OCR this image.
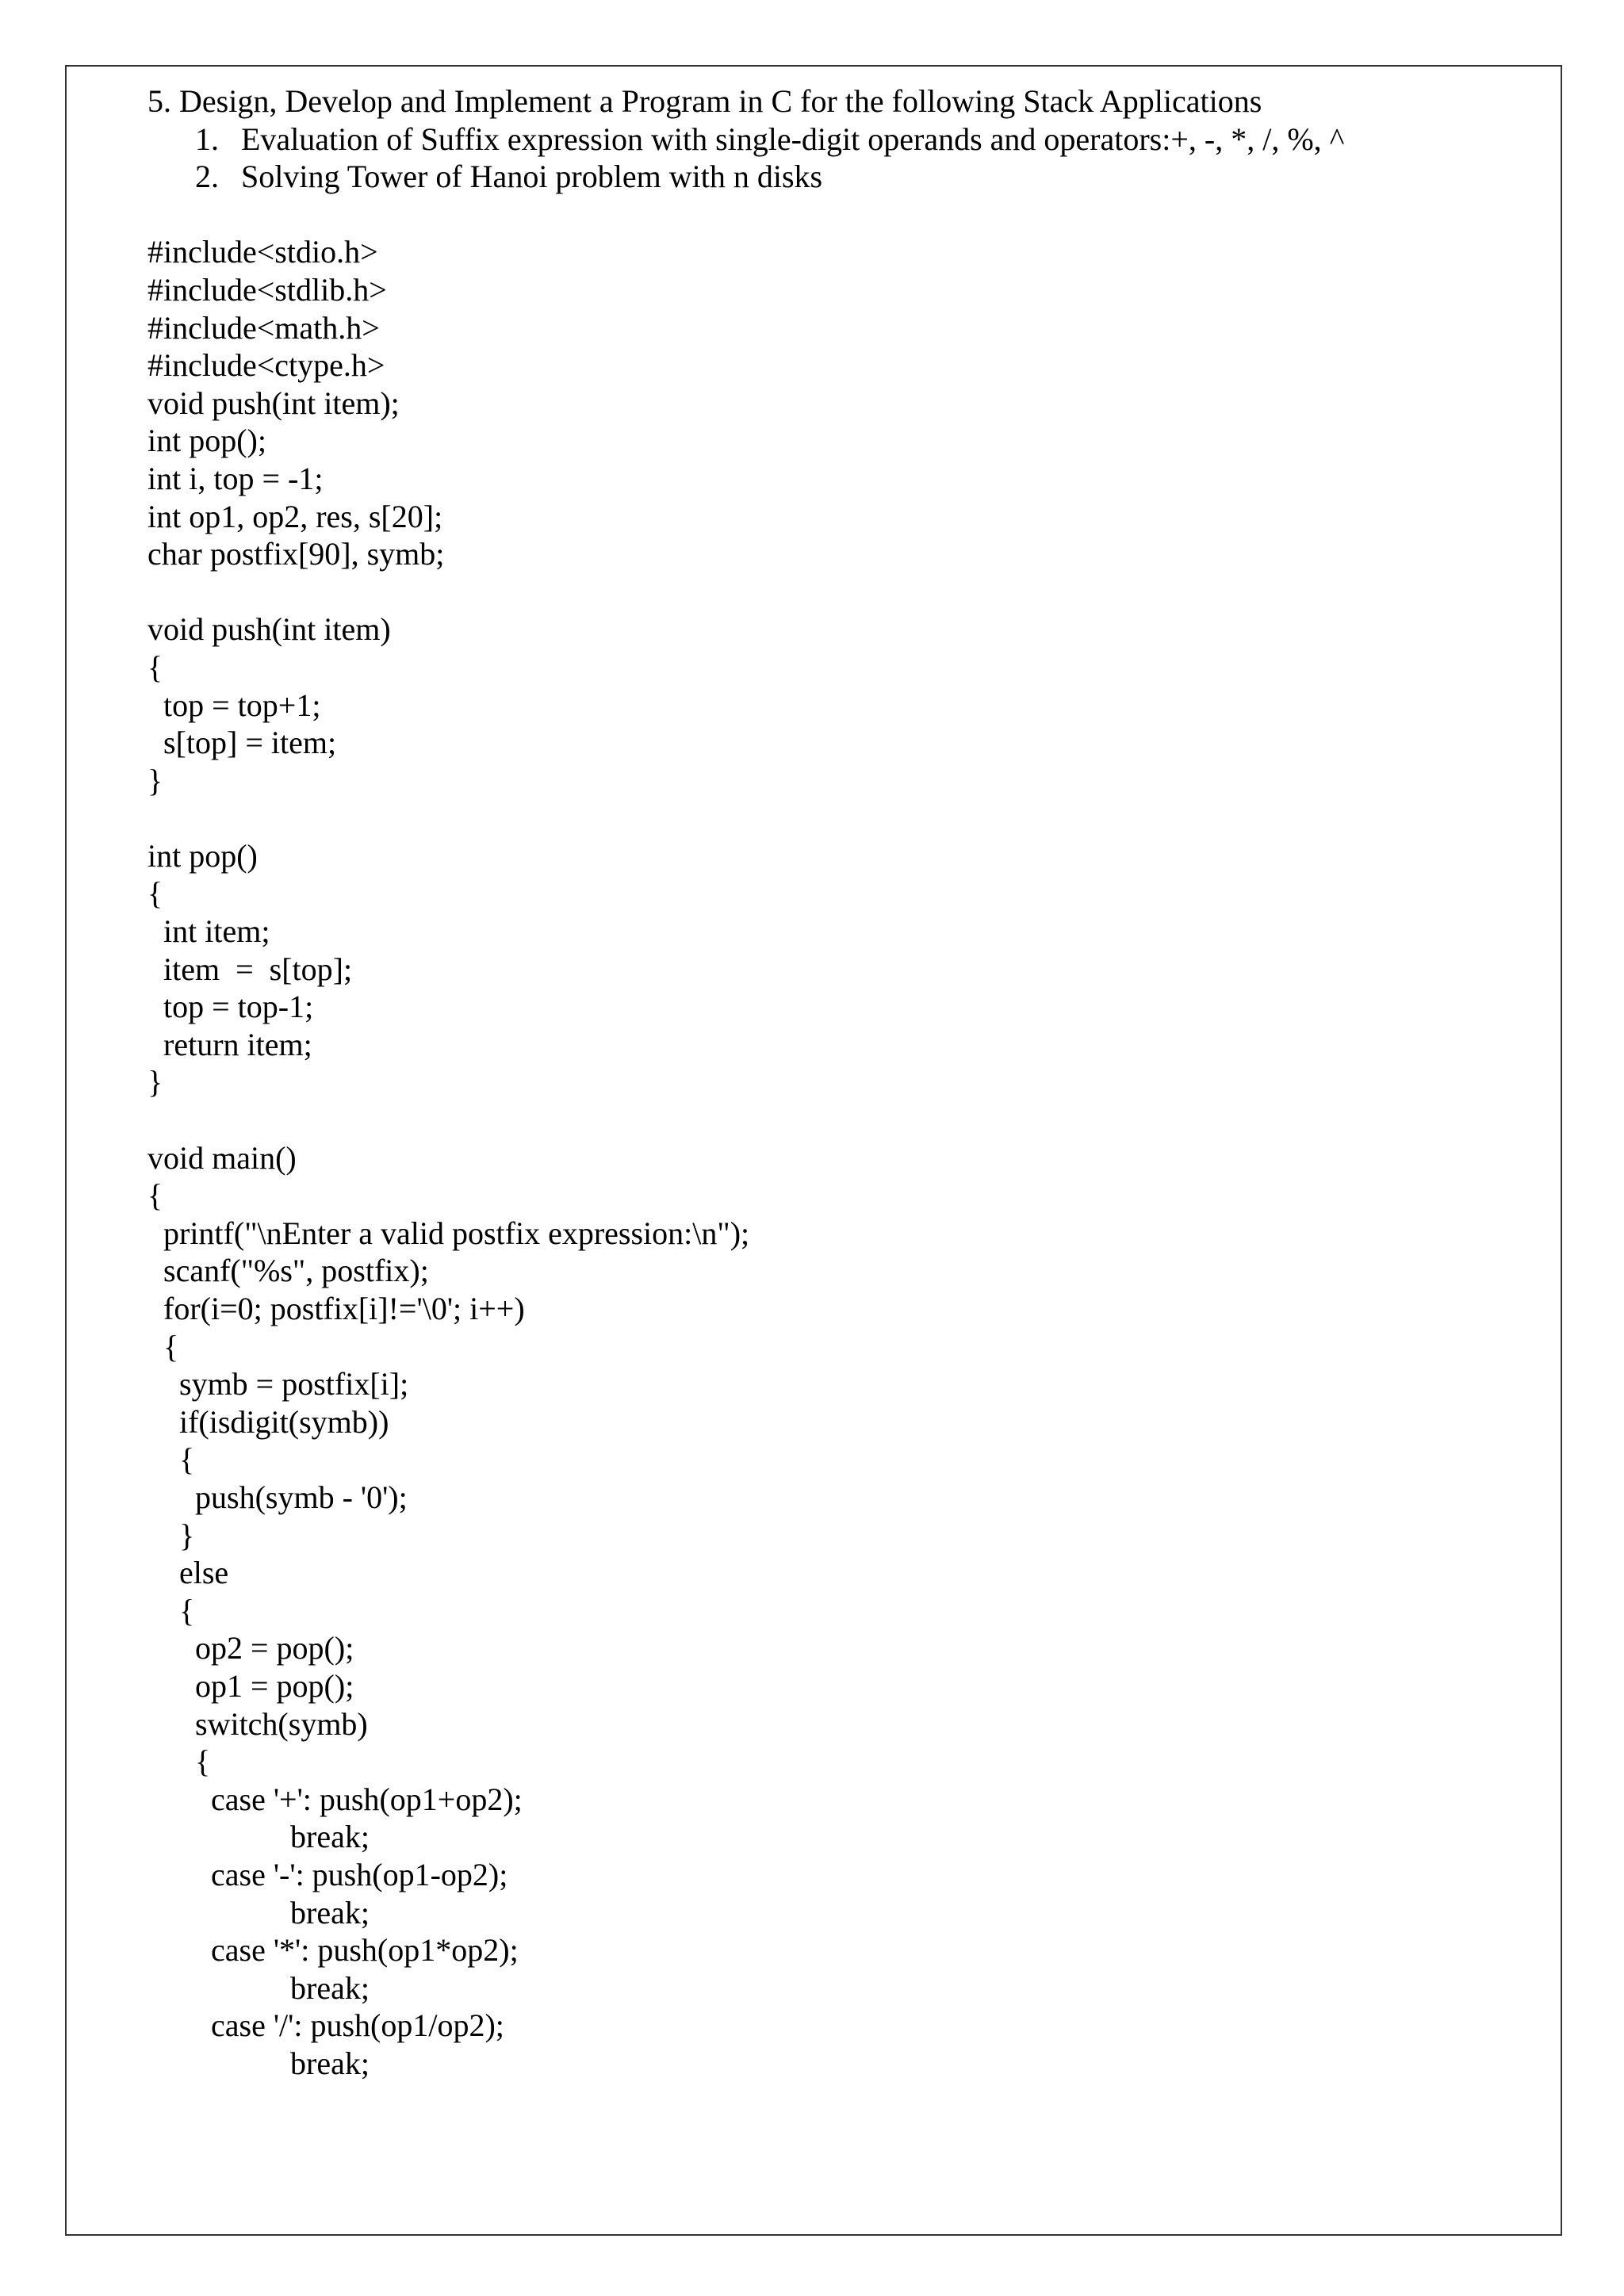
5. Design, Develop and Implement a Program in C for the following Stack Applications
1. Evaluation of Suffix expression with single-digit operands and operators:+, -, *, /, %, ^
2. Solving Tower of Hanoi problem with n disks
#include<stdio.h>
#include<stdlib.h>
#include<math.h>
#include<ctype.h>
void push(int item);
int pop();
int i, top = -1;
int op1, op2, res, s[20];
char postfix[90], symb;
void push(int item)
{
top = top+1;
s[top] = item;
}
int pop()
{
int item;
item  =  s[top];
top = top-1;
return item;
}
void main()
{
printf("\nEnter a valid postfix expression:\n");
scanf("%s", postfix);
for(i=0; postfix[i]!='\0'; i++)
{
symb = postfix[i];
if(isdigit(symb))
{
push(symb - '0');
}
else
{
op2 = pop();
op1 = pop();
switch(symb)
{
case '+': push(op1+op2);
break;
case '-': push(op1-op2);
break;
case '*': push(op1*op2);
break;
case '/': push(op1/op2);
break;
